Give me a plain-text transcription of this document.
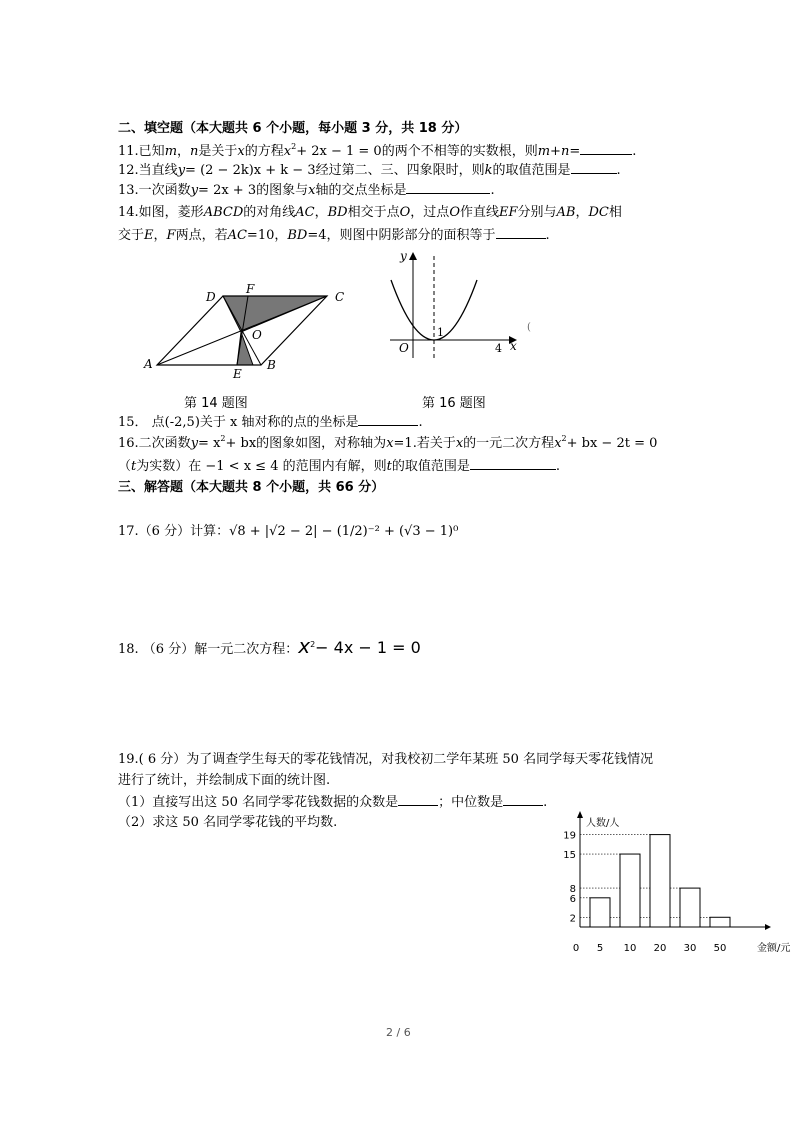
二、填空题（本大题共 6 个小题，每小题 3 分，共 18 分）
11.已知m，n是关于x的方程$x^2+ 2x - 1 = 0$的两个不相等的实数根，则m+n=	.
12.当直线y= (2 − 2k)x + k − 3经过第二、三、四象限时，则k的取值范围是	.
13.一次函数y= 2x + 3的图象与x轴的交点坐标是	.
14.如图，菱形ABCD的对角线AC，BD相交于点O，过点O作直线EF分别与AB，DC相
交于E，F两点，若AC=10，BD=4，则图中阴影部分的面积等于	.
D
F
C
O
A
E
B
第 14 题图
y
x
O
1
4
(
第 16 题图
15． 点(-2,5)关于 x 轴对称的点的坐标是	.
16.二次函数$y= x^2+$ bx的图象如图，对称轴为x=1.若关于x的一元二次方程$x^2+$ bx − 2t = 0
（t为实数）在 −1 < x ≤ 4 的范围内有解，则t的取值范围是	.
三、解答题（本大题共 8 个小题，共 66 分）
17.（6 分）计算：√8 + |√2 − 2| − (1/2)⁻² + (√3 − 1)⁰
18. （6 分）解一元二次方程：$x^2- 4x - 1 = 0$
19.( 6 分）为了调查学生每天的零花钱情况，对我校初二学年某班 50 名同学每天零花钱情况
进行了统计，并绘制成下面的统计图.
（1）直接写出这 50 名同学零花钱数据的众数是	；中位数是	.
（2）求这 50 名同学零花钱的平均数.	人数/人
金额/元
0
2
6
8
15
19
5 10 20 30 50
2 / 6
